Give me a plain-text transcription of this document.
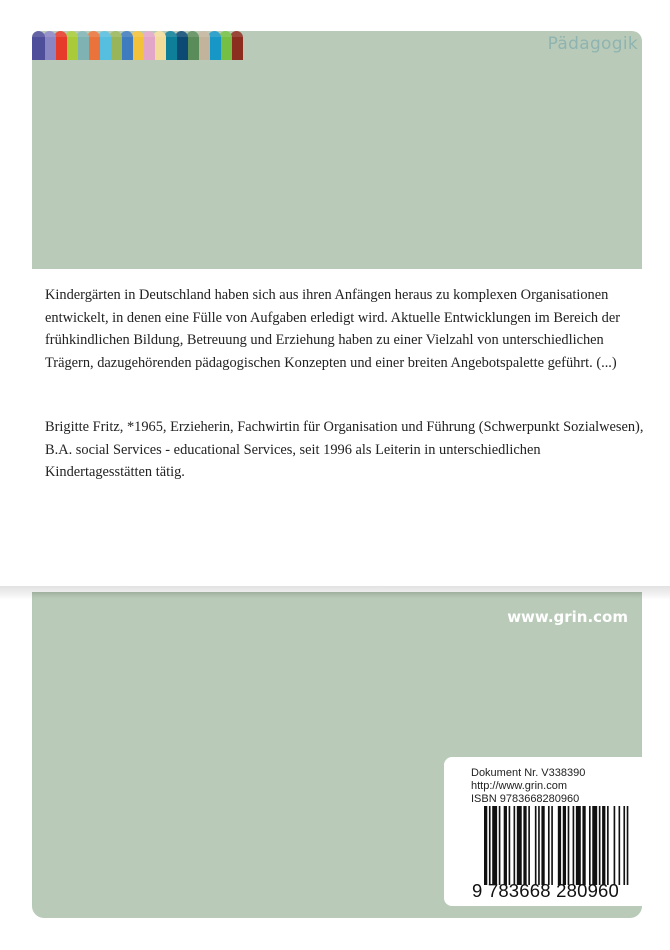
Pädagogik

Kindergärten in Deutschland haben sich aus ihren Anfängen heraus zu komplexen Organisationen entwickelt, in denen eine Fülle von Aufgaben erledigt wird. Aktuelle Entwicklungen im Bereich der frühkindlichen Bildung, Betreuung und Erziehung haben zu einer Vielzahl von unterschiedlichen Trägern, dazugehörenden pädagogischen Konzepten und einer breiten Angebotspalette geführt. (...)

Brigitte Fritz, *1965, Erzieherin, Fachwirtin für Organisation und Führung (Schwerpunkt Sozialwesen), B.A. social Services - educational Services, seit 1996 als Leiterin in unterschiedlichen Kindertagesstätten tätig.

www.grin.com
Dokument Nr. V338390
http://www.grin.com
ISBN 9783668280960
9 783668 280960
